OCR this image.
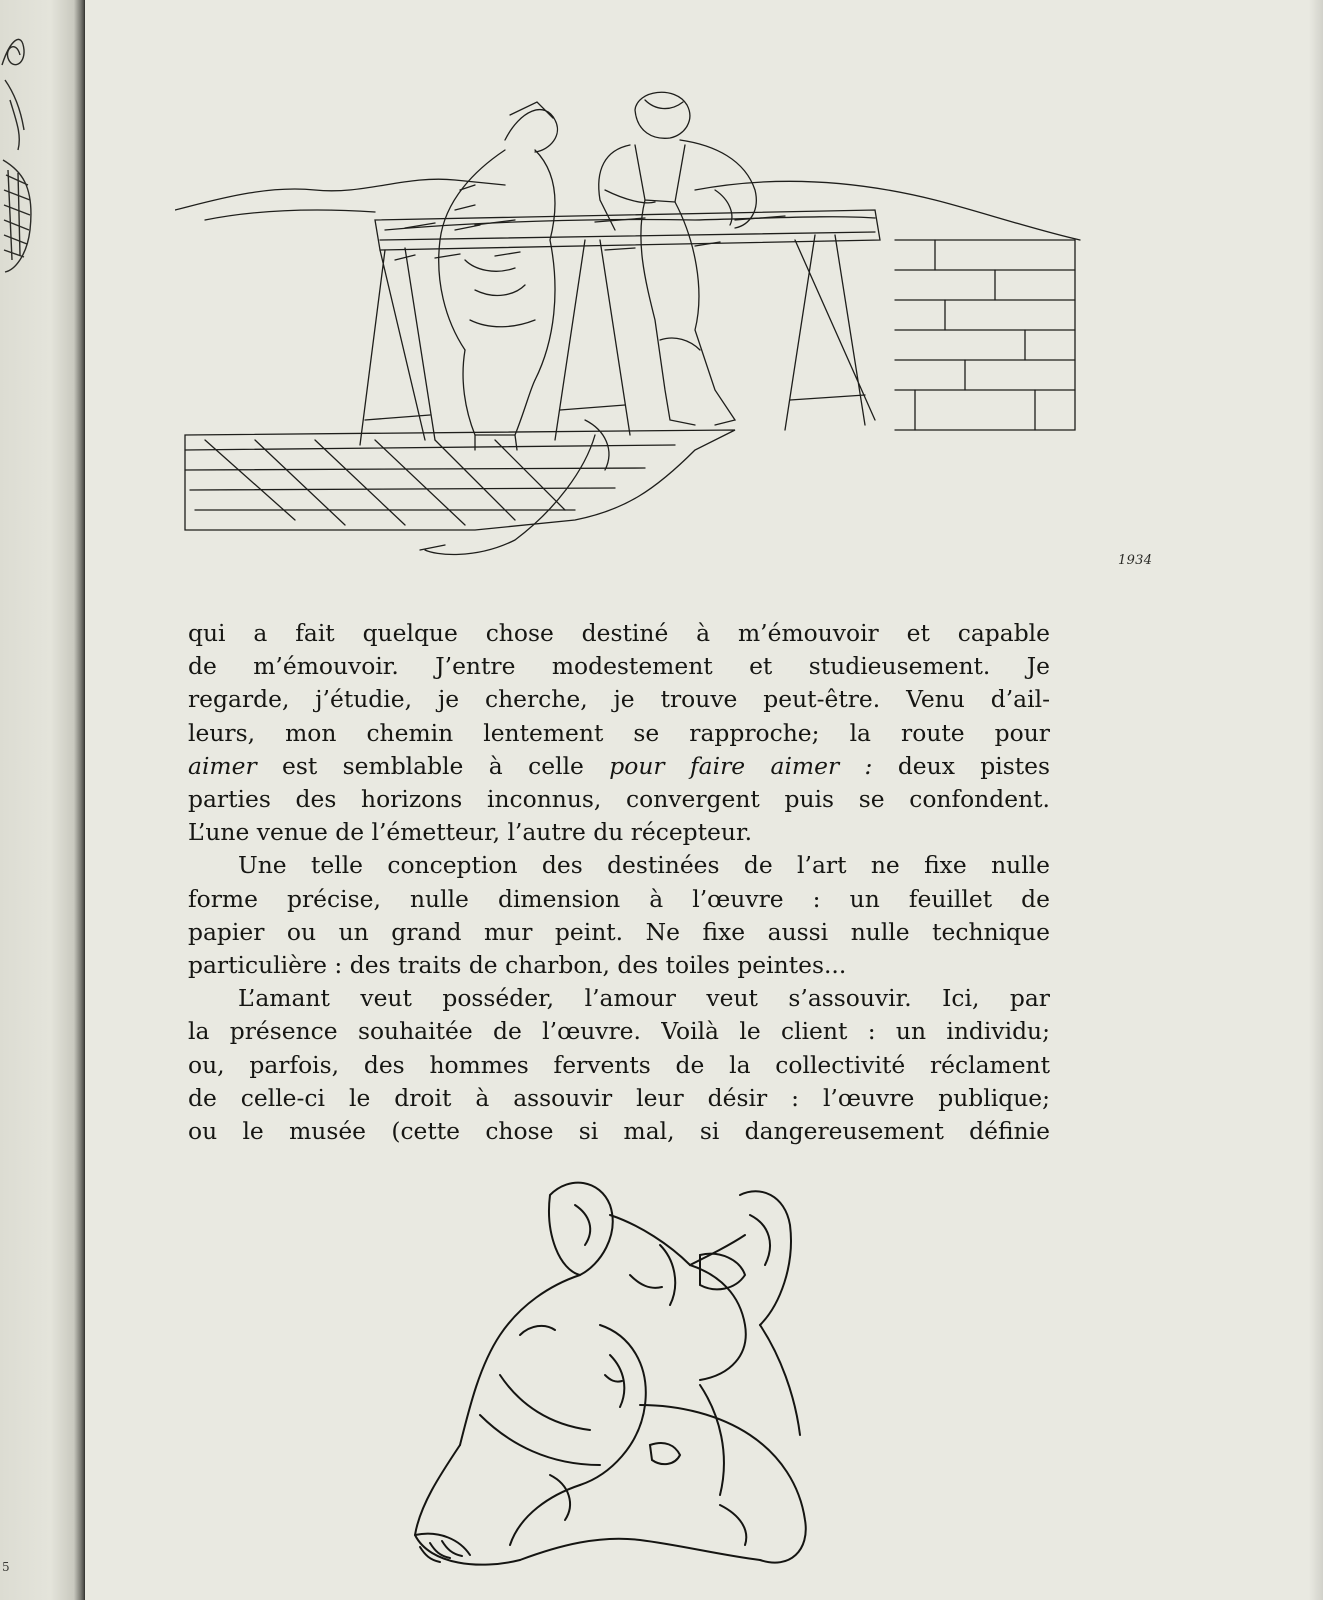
5
1934
qui a fait quelque chose destiné à m’émouvoir et capable
de m’émouvoir. J’entre modestement et studieusement. Je
regarde, j’étudie, je cherche, je trouve peut-être. Venu d’ail-
leurs, mon chemin lentement se rapproche; la route pour
aimer est semblable à celle pour faire aimer : deux pistes
parties des horizons inconnus, convergent puis se confondent.
L’une venue de l’émetteur, l’autre du récepteur.
Une telle conception des destinées de l’art ne fixe nulle
forme précise, nulle dimension à l’œuvre : un feuillet de
papier ou un grand mur peint. Ne fixe aussi nulle technique
particulière : des traits de charbon, des toiles peintes...
L’amant veut posséder, l’amour veut s’assouvir. Ici, par
la présence souhaitée de l’œuvre. Voilà le client : un individu;
ou, parfois, des hommes fervents de la collectivité réclament
de celle-ci le droit à assouvir leur désir : l’œuvre publique;
ou le musée (cette chose si mal, si dangereusement définie
